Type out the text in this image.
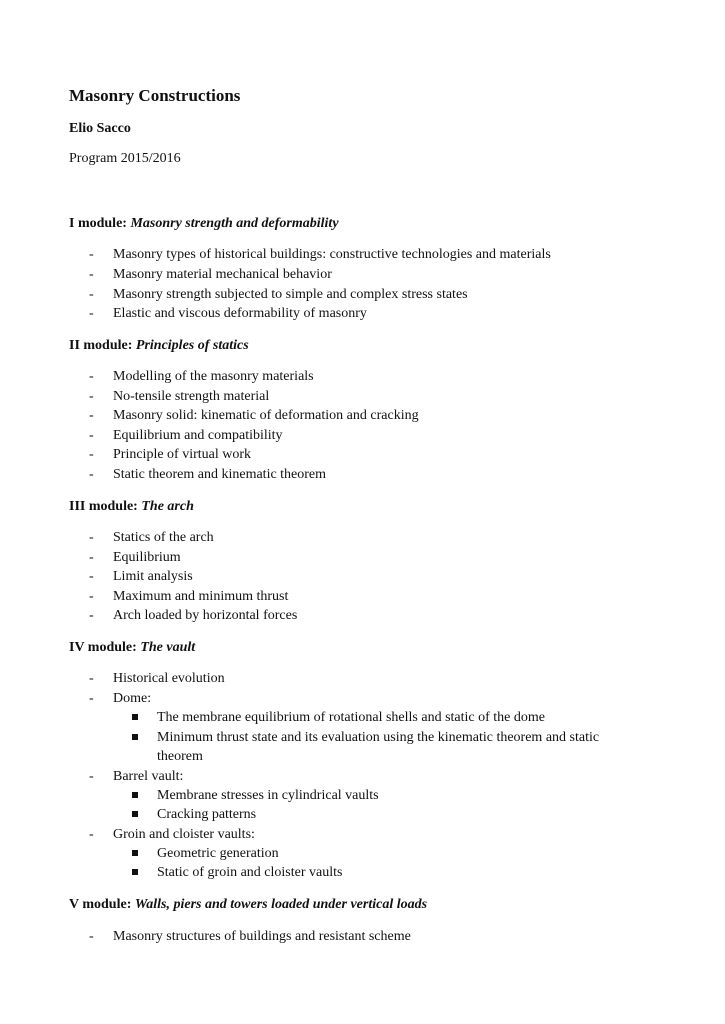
Masonry Constructions
Elio Sacco
Program 2015/2016
I module: Masonry strength and deformability
- Masonry types of historical buildings: constructive technologies and materials
- Masonry material mechanical behavior
- Masonry strength subjected to simple and complex stress states
- Elastic and viscous deformability of masonry
II module: Principles of statics
- Modelling of the masonry materials
- No-tensile strength material
- Masonry solid: kinematic of deformation and cracking
- Equilibrium and compatibility
- Principle of virtual work
- Static theorem and kinematic theorem
III module: The arch
- Statics of the arch
- Equilibrium
- Limit analysis
- Maximum and minimum thrust
- Arch loaded by horizontal forces
IV module: The vault
- Historical evolution
- Dome:
The membrane equilibrium of rotational shells and static of the dome
Minimum thrust state and its evaluation using the kinematic theorem and static
theorem
- Barrel vault:
Membrane stresses in cylindrical vaults
Cracking patterns
- Groin and cloister vaults:
Geometric generation
Static of groin and cloister vaults
V module: Walls, piers and towers loaded under vertical loads
- Masonry structures of buildings and resistant scheme
